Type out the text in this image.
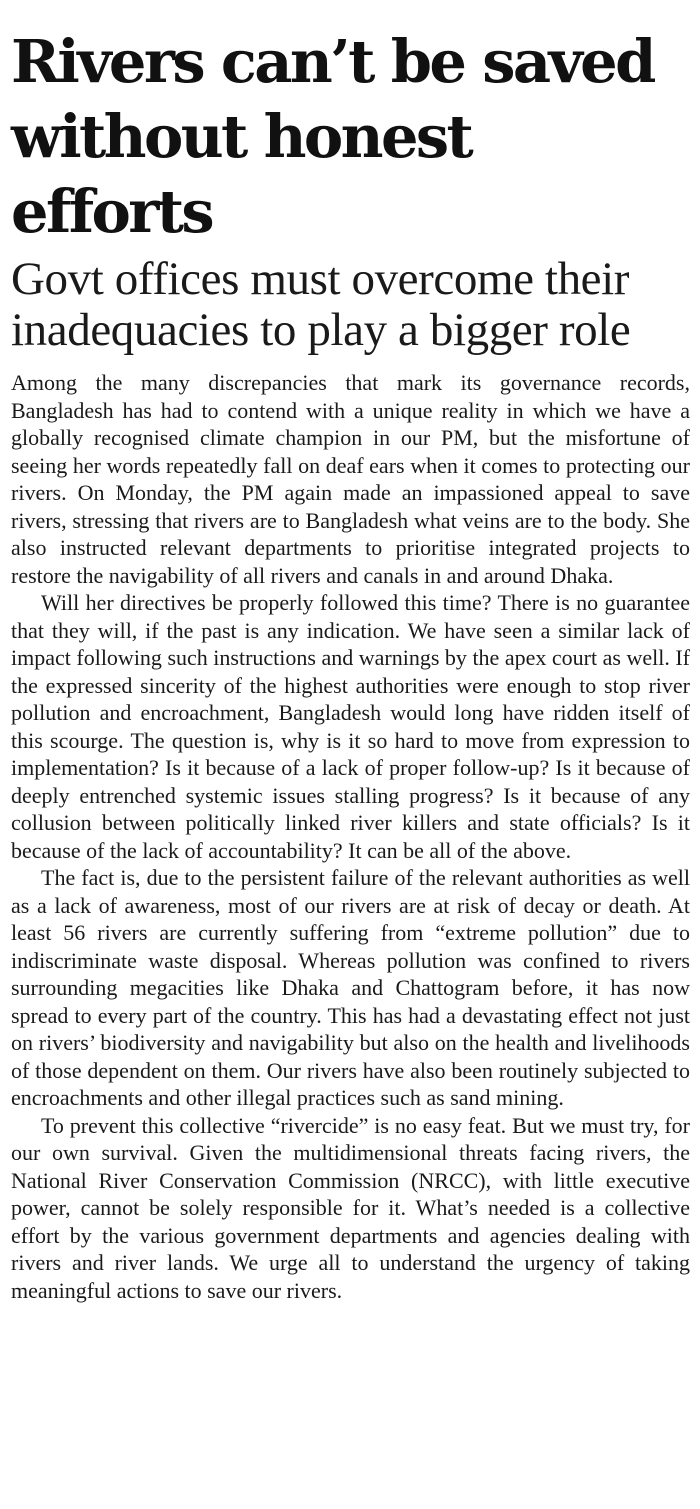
Rivers can’t be saved
without honest efforts
Govt offices must overcome their inadequacies to play a bigger role

Among the many discrepancies that mark its governance records, Bangladesh has had to contend with a unique reality in which we have a globally recognised climate champion in our PM, but the misfortune of seeing her words repeatedly fall on deaf ears when it comes to protecting our rivers. On Monday, the PM again made an impassioned appeal to save rivers, stressing that rivers are to Bangladesh what veins are to the body. She also instructed relevant departments to prioritise integrated projects to restore the navigability of all rivers and canals in and around Dhaka.

Will her directives be properly followed this time? There is no guarantee that they will, if the past is any indication. We have seen a similar lack of impact following such instructions and warnings by the apex court as well. If the expressed sincerity of the highest authorities were enough to stop river pollution and encroachment, Bangladesh would long have ridden itself of this scourge. The question is, why is it so hard to move from expression to implementation? Is it because of a lack of proper follow-up? Is it because of deeply entrenched systemic issues stalling progress? Is it because of any collusion between politically linked river killers and state officials? Is it because of the lack of accountability? It can be all of the above.

The fact is, due to the persistent failure of the relevant authorities as well as a lack of awareness, most of our rivers are at risk of decay or death. At least 56 rivers are currently suffering from “extreme pollution” due to indiscriminate waste disposal. Whereas pollution was confined to rivers surrounding megacities like Dhaka and Chattogram before, it has now spread to every part of the country. This has had a devastating effect not just on rivers’ biodiversity and navigability but also on the health and livelihoods of those dependent on them. Our rivers have also been routinely subjected to encroachments and other illegal practices such as sand mining.

To prevent this collective “rivercide” is no easy feat. But we must try, for our own survival. Given the multidimensional threats facing rivers, the National River Conservation Commission (NRCC), with little executive power, cannot be solely responsible for it. What’s needed is a collective effort by the various government departments and agencies dealing with rivers and river lands. We urge all to understand the urgency of taking meaningful actions to save our rivers.
